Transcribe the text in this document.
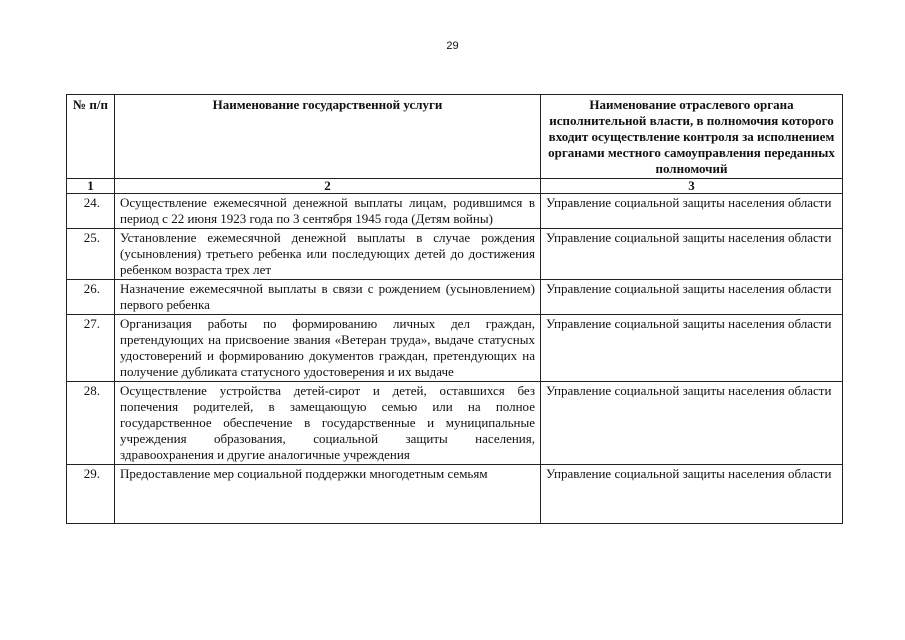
29
№ п/п	Наименование государственной услуги	Наименование отраслевого органа исполнительной власти, в полномочия которого входит осуществление контроля за исполнением органами местного самоуправления переданных полномочий
1	2	3
24.	Осуществление ежемесячной денежной выплаты лицам, родившимся в период с 22 июня 1923 года по 3 сентября 1945 года (Детям войны)	Управление социальной защиты населения области
25.	Установление ежемесячной денежной выплаты в случае рождения (усыновления) третьего ребенка или последующих детей до достижения ребенком возраста трех лет	Управление социальной защиты населения области
26.	Назначение ежемесячной выплаты в связи с рождением (усыновлением) первого ребенка	Управление социальной защиты населения области
27.	Организация работы по формированию личных дел граждан, претендующих на присвоение звания «Ветеран труда», выдаче статусных удостоверений и формированию документов граждан, претендующих на получение дубликата статусного удостоверения и их выдаче	Управление социальной защиты населения области
28.	Осуществление устройства детей-сирот и детей, оставшихся без попечения родителей, в замещающую семью или на полное государственное обеспечение в государственные и муниципальные учреждения образования, социальной защиты населения, здравоохранения и другие аналогичные учреждения	Управление социальной защиты населения области
29.	Предоставление мер социальной поддержки многодетным семьям	Управление социальной защиты населения области
